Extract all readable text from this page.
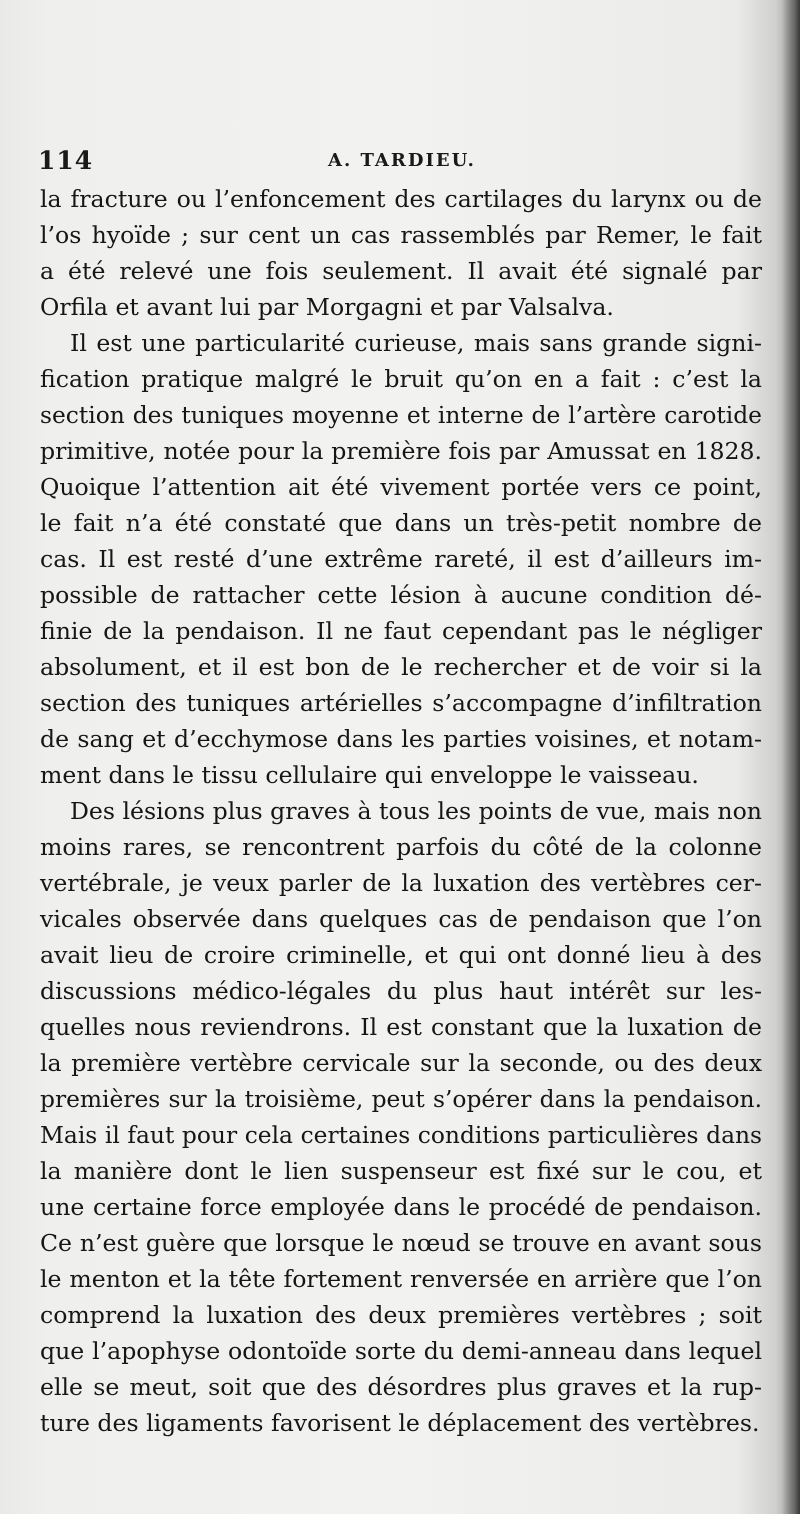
114	A. TARDIEU.
la fracture ou l’enfoncement des cartilages du larynx ou de
l’os hyoïde ; sur cent un cas rassemblés par Remer, le fait
a été relevé une fois seulement. Il avait été signalé par
Orfila et avant lui par Morgagni et par Valsalva.
Il est une particularité curieuse, mais sans grande signi-
fication pratique malgré le bruit qu’on en a fait : c’est la
section des tuniques moyenne et interne de l’artère carotide
primitive, notée pour la première fois par Amussat en 1828.
Quoique l’attention ait été vivement portée vers ce point,
le fait n’a été constaté que dans un très-petit nombre de
cas. Il est resté d’une extrême rareté, il est d’ailleurs im-
possible de rattacher cette lésion à aucune condition dé-
finie de la pendaison. Il ne faut cependant pas le négliger
absolument, et il est bon de le rechercher et de voir si la
section des tuniques artérielles s’accompagne d’infiltration
de sang et d’ecchymose dans les parties voisines, et notam-
ment dans le tissu cellulaire qui enveloppe le vaisseau.
Des lésions plus graves à tous les points de vue, mais non
moins rares, se rencontrent parfois du côté de la colonne
vertébrale, je veux parler de la luxation des vertèbres cer-
vicales observée dans quelques cas de pendaison que l’on
avait lieu de croire criminelle, et qui ont donné lieu à des
discussions médico-légales du plus haut intérêt sur les-
quelles nous reviendrons. Il est constant que la luxation de
la première vertèbre cervicale sur la seconde, ou des deux
premières sur la troisième, peut s’opérer dans la pendaison.
Mais il faut pour cela certaines conditions particulières dans
la manière dont le lien suspenseur est fixé sur le cou, et
une certaine force employée dans le procédé de pendaison.
Ce n’est guère que lorsque le nœud se trouve en avant sous
le menton et la tête fortement renversée en arrière que l’on
comprend la luxation des deux premières vertèbres ; soit
que l’apophyse odontoïde sorte du demi-anneau dans lequel
elle se meut, soit que des désordres plus graves et la rup-
ture des ligaments favorisent le déplacement des vertèbres.
